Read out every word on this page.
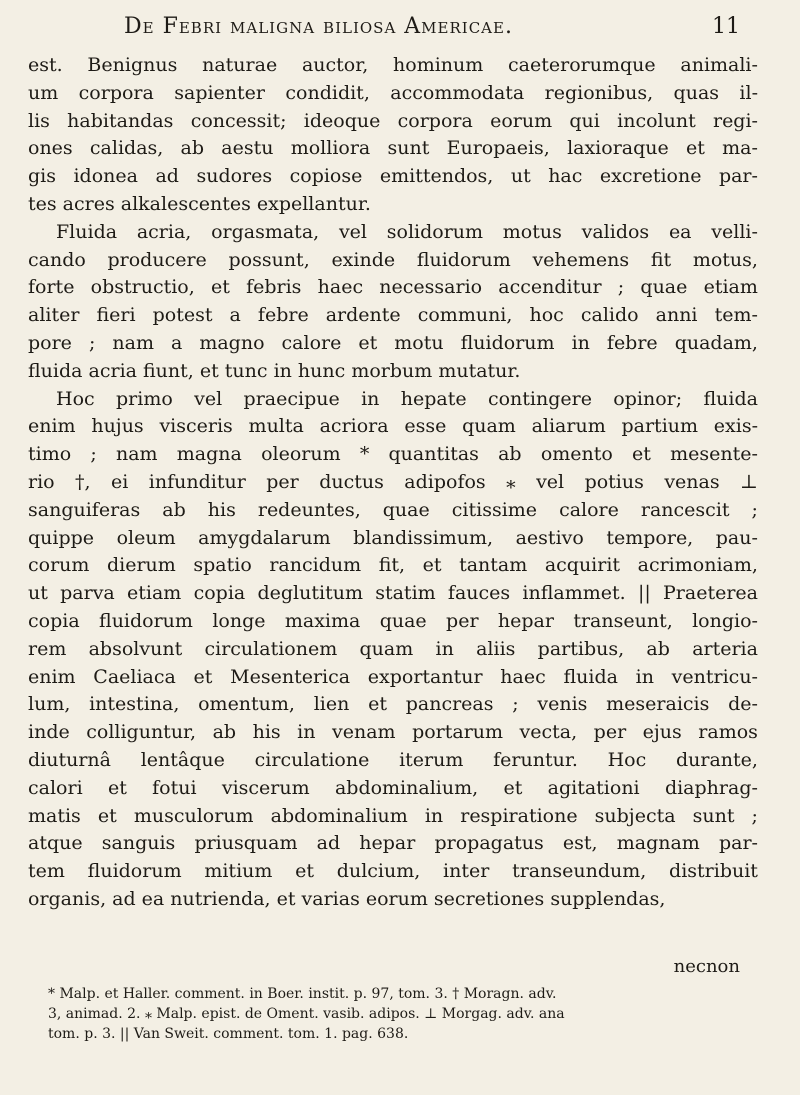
De Febri maligna biliosa Americae.	11
est. Benignus naturae auctor, hominum caeterorumque animali-
um corpora sapienter condidit, accommodata regionibus, quas il-
lis habitandas concessit; ideoque corpora eorum qui incolunt regi-
ones calidas, ab aestu molliora sunt Europaeis, laxioraque et ma-
gis idonea ad sudores copiose emittendos, ut hac excretione par-
tes acres alkalescentes expellantur.
Fluida acria, orgasmata, vel solidorum motus validos ea velli-
cando producere possunt, exinde fluidorum vehemens fit motus,
forte obstructio, et febris haec necessario accenditur ; quae etiam
aliter fieri potest a febre ardente communi, hoc calido anni tem-
pore ; nam a magno calore et motu fluidorum in febre quadam,
fluida acria fiunt, et tunc in hunc morbum mutatur.
Hoc primo vel praecipue in hepate contingere opinor; fluida
enim hujus visceris multa acriora esse quam aliarum partium exis-
timo ; nam magna oleorum * quantitas ab omento et mesente-
rio †, ei infunditur per ductus adipofos ⁎ vel potius venas ⊥
sanguiferas ab his redeuntes, quae citissime calore rancescit ;
quippe oleum amygdalarum blandissimum, aestivo tempore, pau-
corum dierum spatio rancidum fit, et tantam acquirit acrimoniam,
ut parva etiam copia deglutitum statim fauces inflammet. || Praeterea
copia fluidorum longe maxima quae per hepar transeunt, longio-
rem absolvunt circulationem quam in aliis partibus, ab arteria
enim Caeliaca et Mesenterica exportantur haec fluida in ventricu-
lum, intestina, omentum, lien et pancreas ; venis meseraicis de-
inde colliguntur, ab his in venam portarum vecta, per ejus ramos
diuturnâ lentâque circulatione iterum feruntur. Hoc durante,
calori et fotui viscerum abdominalium, et agitationi diaphrag-
matis et musculorum abdominalium in respiratione subjecta sunt ;
atque sanguis priusquam ad hepar propagatus est, magnam par-
tem fluidorum mitium et dulcium, inter transeundum, distribuit
organis, ad ea nutrienda, et varias eorum secretiones supplendas,
necnon
* Malp. et Haller. comment. in Boer. instit. p. 97, tom. 3. † Moragn. adv.
3, animad. 2. ⁎ Malp. epist. de Oment. vasib. adipos. ⊥ Morgag. adv. ana
tom. p. 3. || Van Sweit. comment. tom. 1. pag. 638.
